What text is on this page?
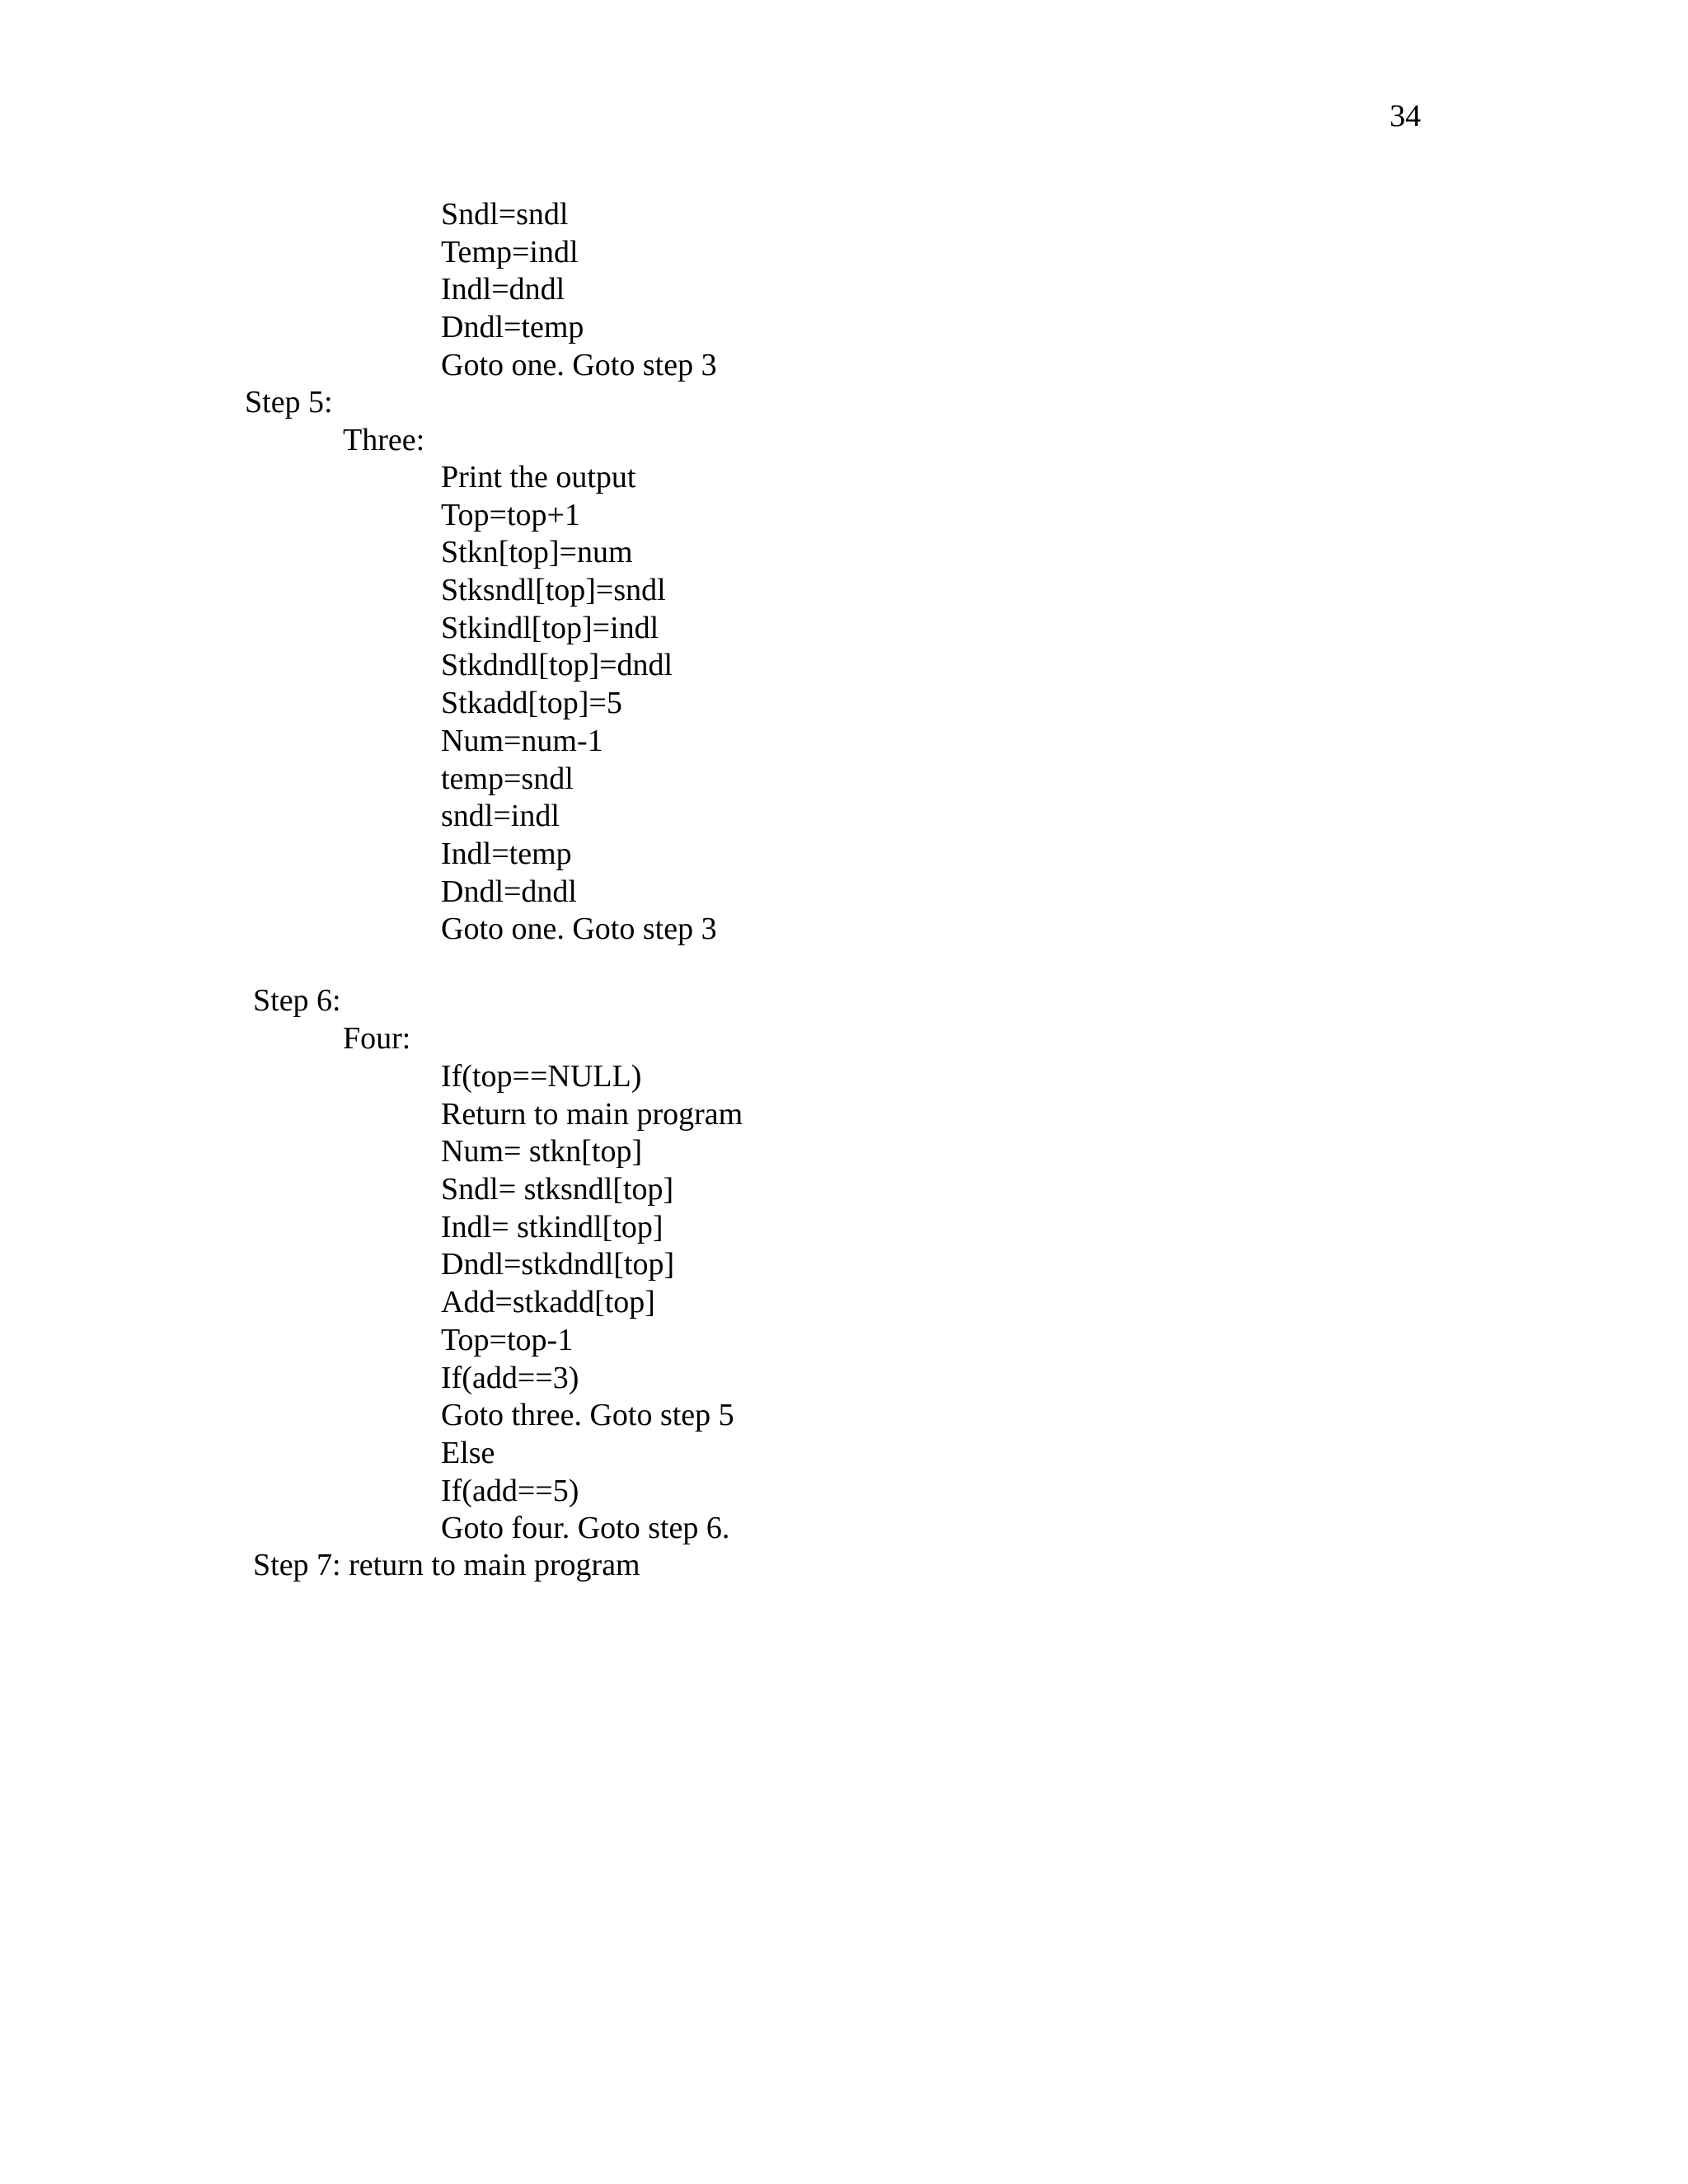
34
Sndl=sndl
Temp=indl
Indl=dndl
Dndl=temp
Goto one. Goto step 3
Step 5:
Three:
Print the output
Top=top+1
Stkn[top]=num
Stksndl[top]=sndl
Stkindl[top]=indl
Stkdndl[top]=dndl
Stkadd[top]=5
Num=num-1
temp=sndl
sndl=indl
Indl=temp
Dndl=dndl
Goto one. Goto step 3
Step 6:
Four:
If(top==NULL)
Return to main program
Num= stkn[top]
Sndl= stksndl[top]
Indl= stkindl[top]
Dndl=stkdndl[top]
Add=stkadd[top]
Top=top-1
If(add==3)
Goto three. Goto step 5
Else
If(add==5)
Goto four. Goto step 6.
Step 7: return to main program
